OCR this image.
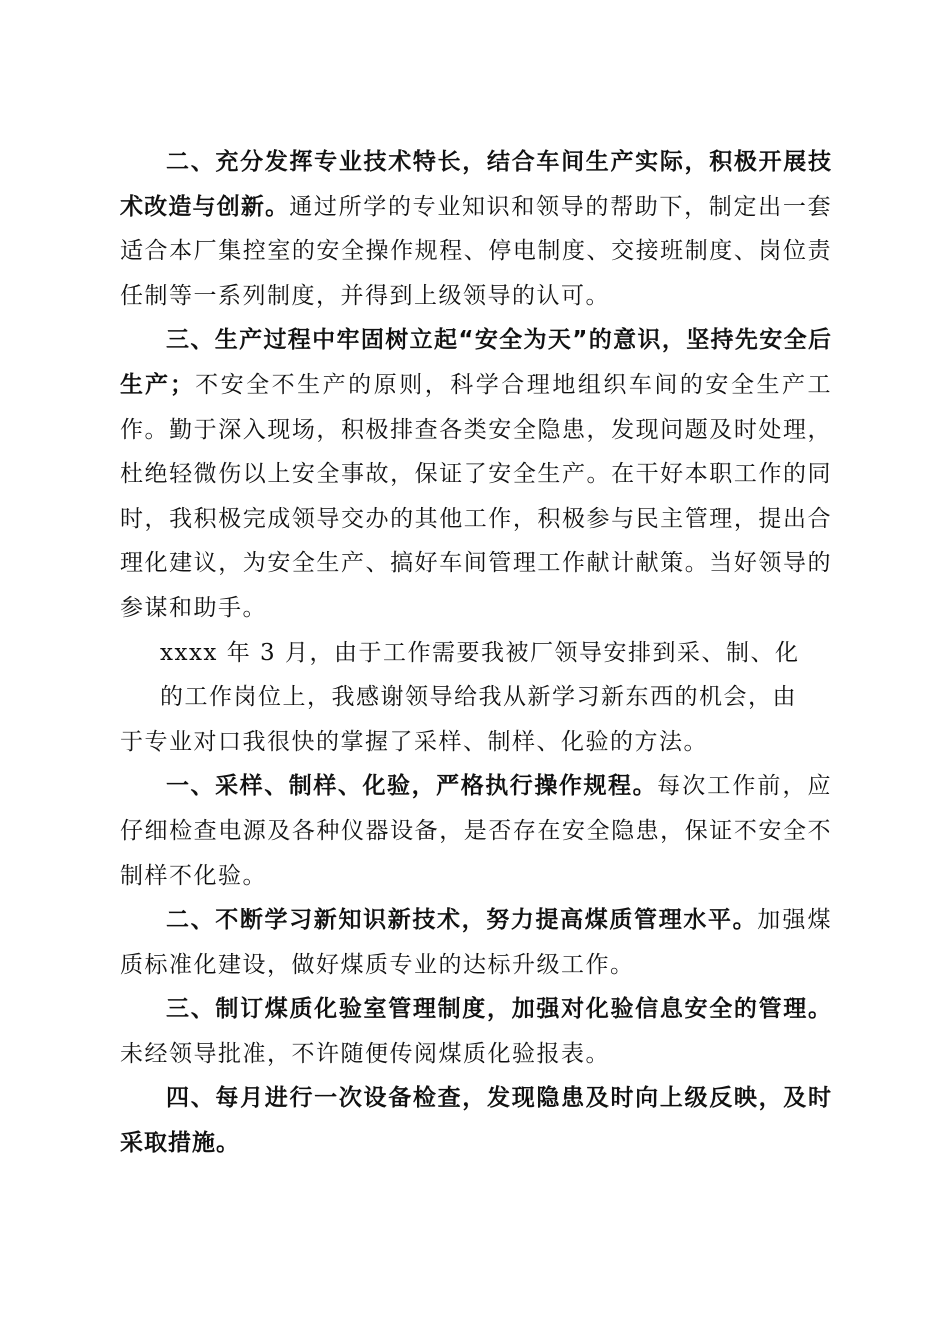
二、充分发挥专业技术特长，结合车间生产实际，积极开展技术改造与创新。通过所学的专业知识和领导的帮助下，制定出一套适合本厂集控室的安全操作规程、停电制度、交接班制度、岗位责任制等一系列制度，并得到上级领导的认可。

三、生产过程中牢固树立起“安全为天”的意识，坚持先安全后生产；不安全不生产的原则，科学合理地组织车间的安全生产工作。勤于深入现场，积极排查各类安全隐患，发现问题及时处理，杜绝轻微伤以上安全事故，保证了安全生产。在干好本职工作的同时，我积极完成领导交办的其他工作，积极参与民主管理，提出合理化建议，为安全生产、搞好车间管理工作献计献策。当好领导的参谋和助手。

xxxx 年 3 月，由于工作需要我被厂领导安排到采、制、化
的工作岗位上，我感谢领导给我从新学习新东西的机会，由
于专业对口我很快的掌握了采样、制样、化验的方法。

一、采样、制样、化验，严格执行操作规程。每次工作前，应仔细检查电源及各种仪器设备，是否存在安全隐患，保证不安全不制样不化验。

二、不断学习新知识新技术，努力提高煤质管理水平。加强煤质标准化建设，做好煤质专业的达标升级工作。

三、制订煤质化验室管理制度，加强对化验信息安全的管理。未经领导批准，不许随便传阅煤质化验报表。

四、每月进行一次设备检查，发现隐患及时向上级反映，及时采取措施。
